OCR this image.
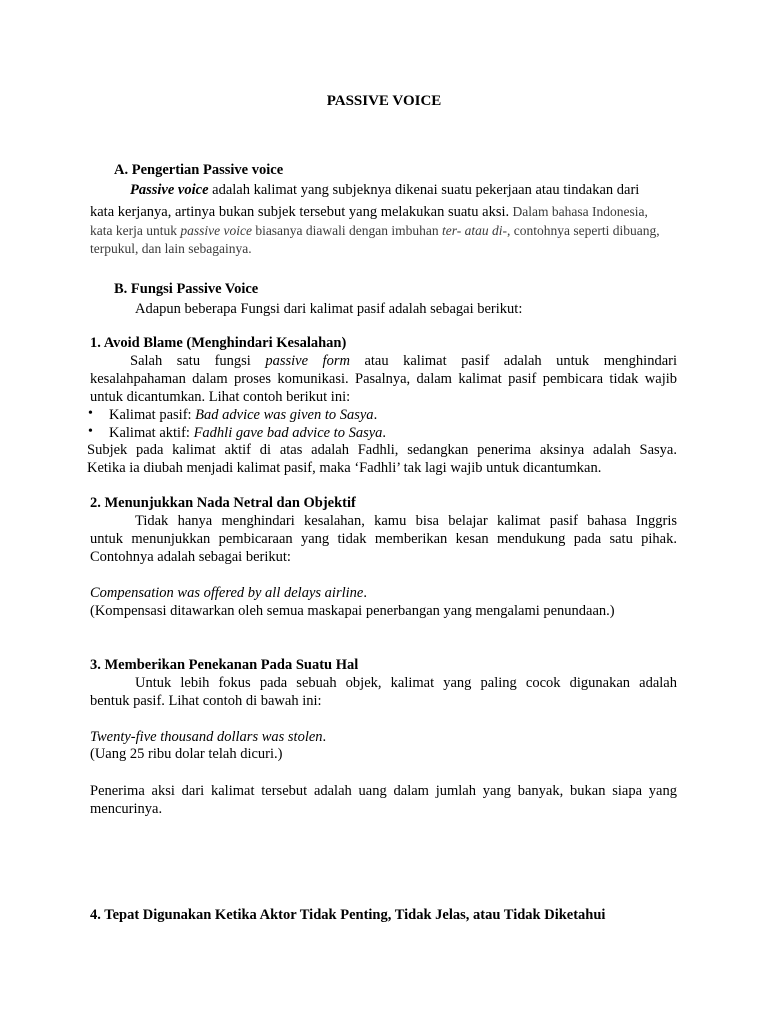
PASSIVE VOICE
A. Pengertian Passive voice
Passive voice adalah kalimat yang subjeknya dikenai suatu pekerjaan atau tindakan dari
kata kerjanya, artinya bukan subjek tersebut yang melakukan suatu aksi. Dalam bahasa Indonesia,
kata kerja untuk passive voice biasanya diawali dengan imbuhan ter- atau di-, contohnya seperti dibuang,
terpukul, dan lain sebagainya.
B. Fungsi Passive Voice
Adapun beberapa Fungsi dari kalimat pasif adalah sebagai berikut:
1. Avoid Blame (Menghindari Kesalahan)
Salah satu fungsi passive form atau kalimat pasif adalah untuk menghindari
kesalahpahaman dalam proses komunikasi. Pasalnya, dalam kalimat pasif pembicara tidak wajib
untuk dicantumkan. Lihat contoh berikut ini:
• Kalimat pasif: Bad advice was given to Sasya.
• Kalimat aktif: Fadhli gave bad advice to Sasya.
Subjek pada kalimat aktif di atas adalah Fadhli, sedangkan penerima aksinya adalah Sasya.
Ketika ia diubah menjadi kalimat pasif, maka ‘Fadhli’ tak lagi wajib untuk dicantumkan.
2. Menunjukkan Nada Netral dan Objektif
Tidak hanya menghindari kesalahan, kamu bisa belajar kalimat pasif bahasa Inggris
untuk menunjukkan pembicaraan yang tidak memberikan kesan mendukung pada satu pihak.
Contohnya adalah sebagai berikut:
Compensation was offered by all delays airline.
(Kompensasi ditawarkan oleh semua maskapai penerbangan yang mengalami penundaan.)
3. Memberikan Penekanan Pada Suatu Hal
Untuk lebih fokus pada sebuah objek, kalimat yang paling cocok digunakan adalah
bentuk pasif. Lihat contoh di bawah ini:
Twenty-five thousand dollars was stolen.
(Uang 25 ribu dolar telah dicuri.)
Penerima aksi dari kalimat tersebut adalah uang dalam jumlah yang banyak, bukan siapa yang
mencurinya.
4. Tepat Digunakan Ketika Aktor Tidak Penting, Tidak Jelas, atau Tidak Diketahui
